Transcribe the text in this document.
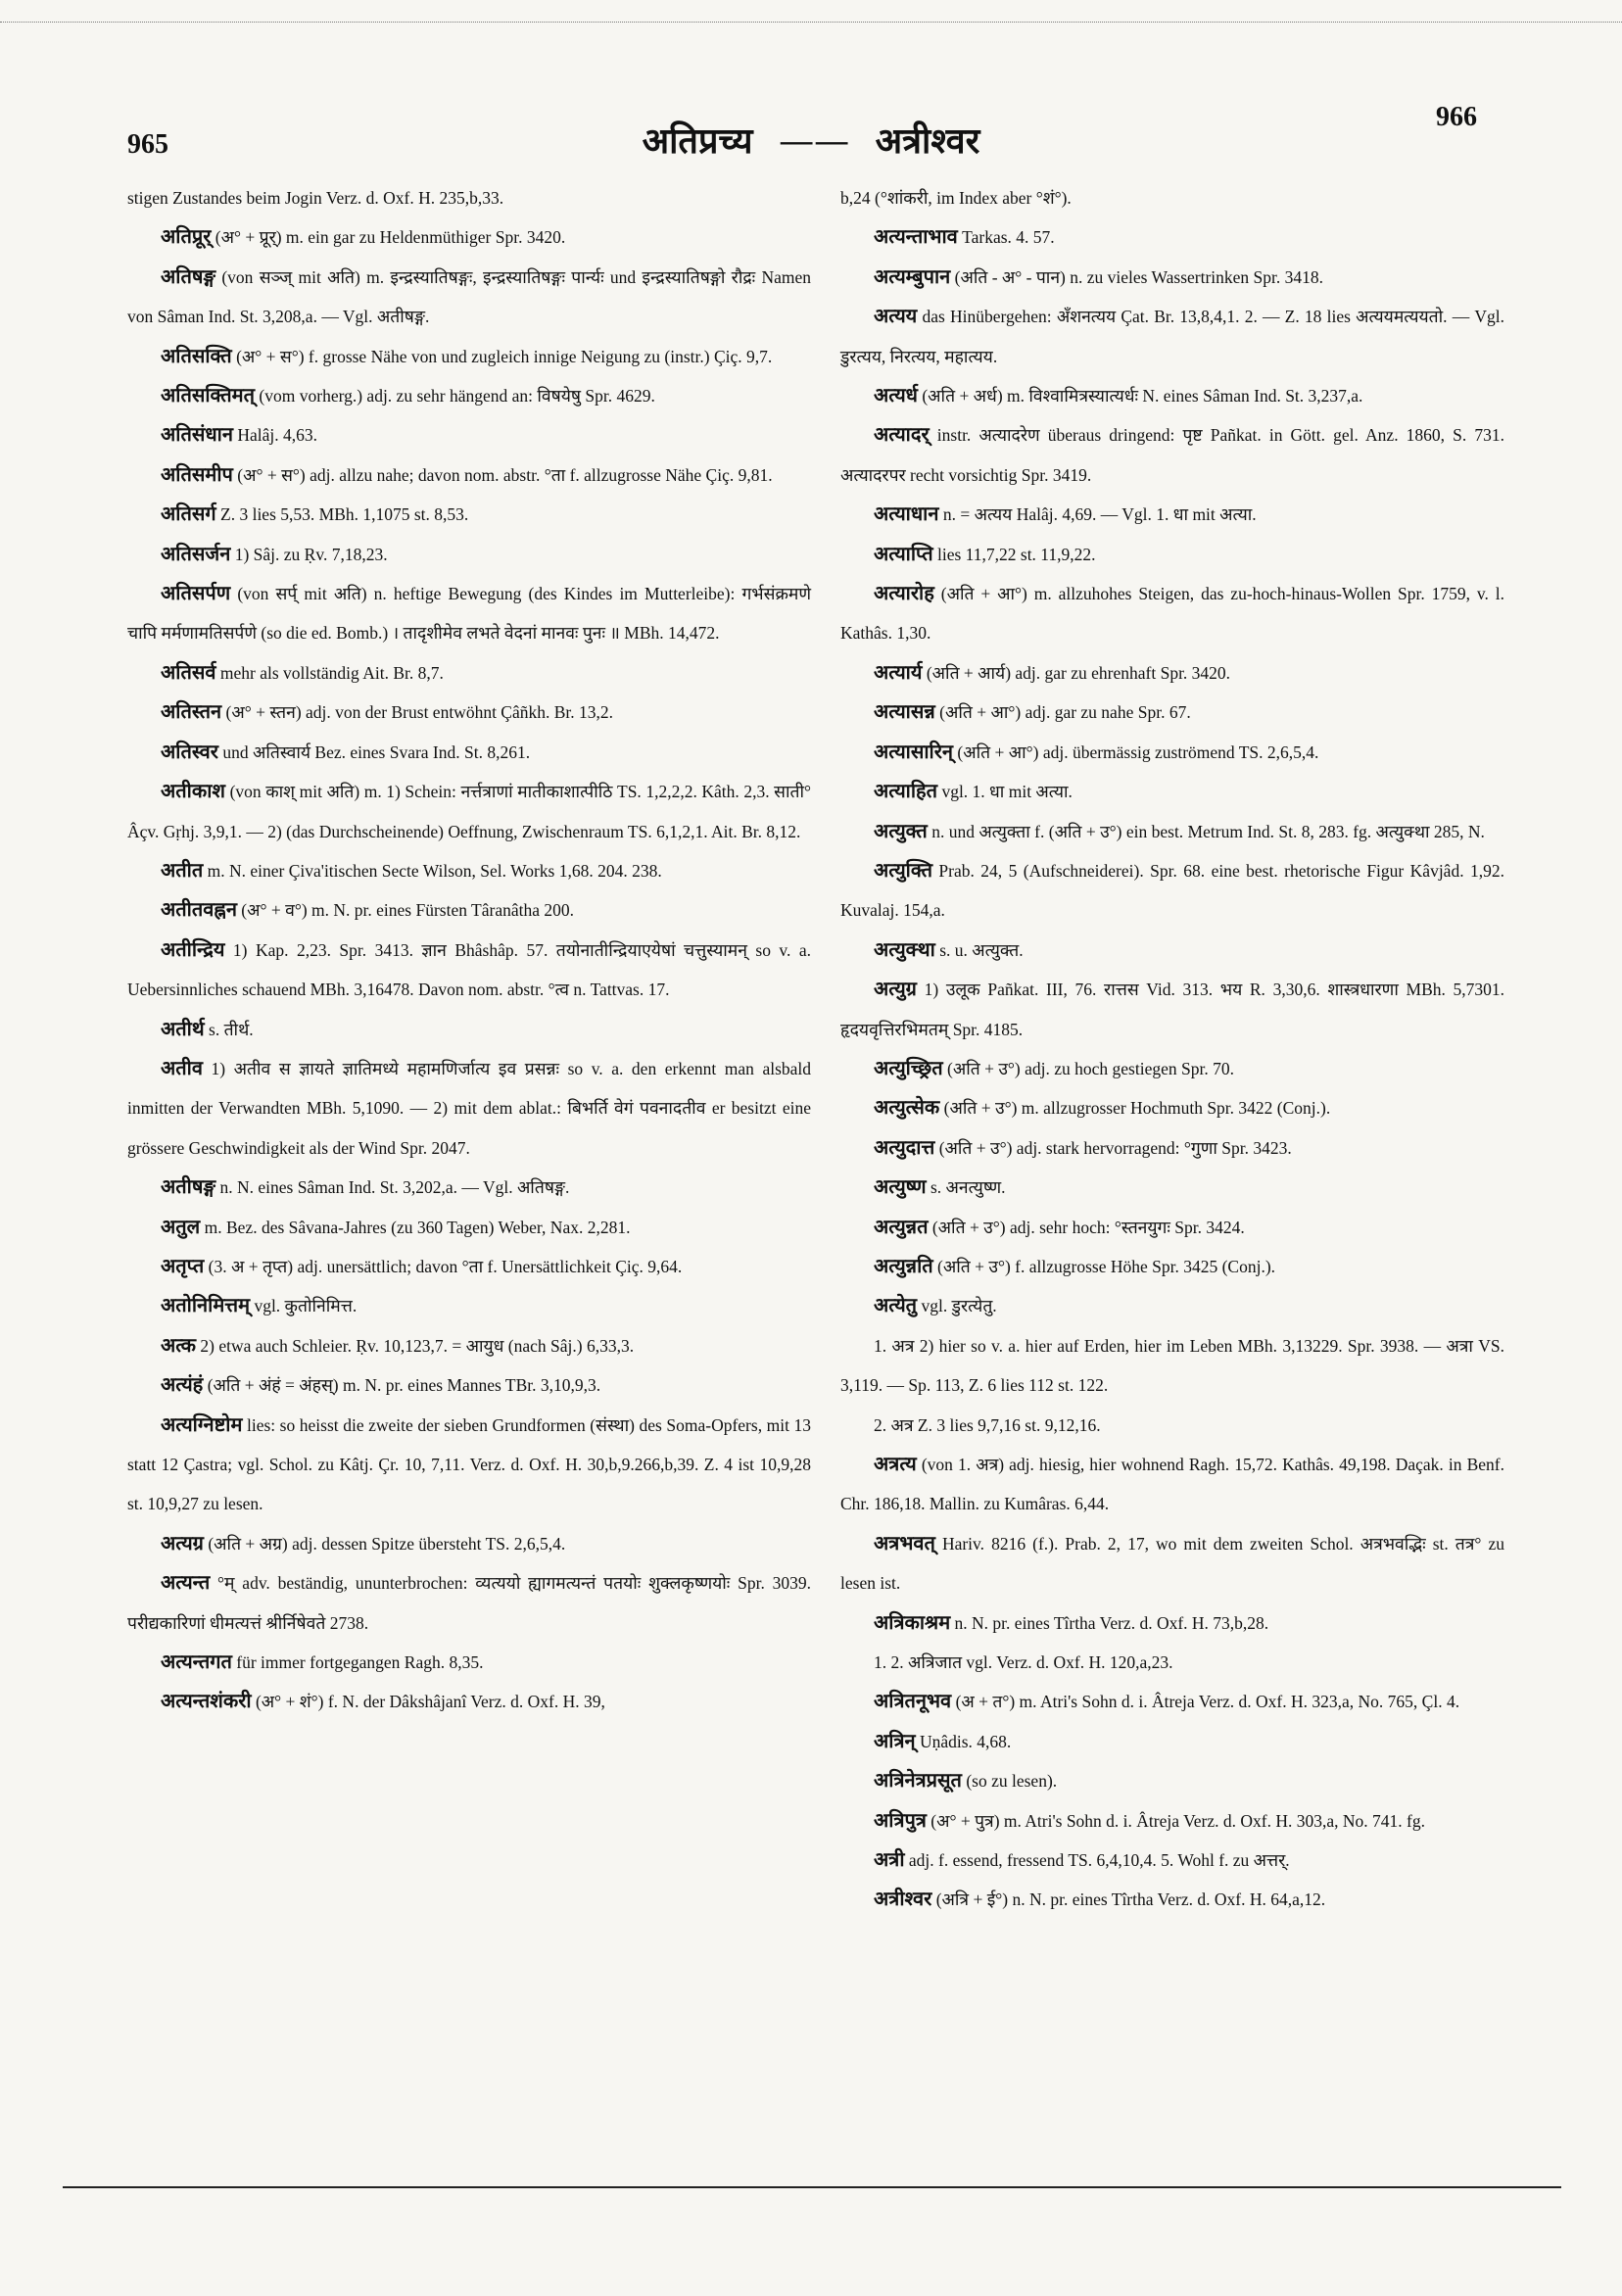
965	अतिप्रच्य —— अत्रीश्वर
966
stigen Zustandes beim Jogin Verz. d. Oxf. H. 235,b,33.
अतिप्रूर् (अ° + प्रूर्) m. ein gar zu Heldenmüthiger Spr. 3420.
अतिषङ्ग (von सञ्ज् mit अति) m. इन्द्रस्यातिषङ्गः, इन्द्रस्यातिषङ्गः पार्न्यः und इन्द्रस्यातिषङ्गो रौद्रः Namen von Sâman Ind. St. 3,208,a. — Vgl. अतीषङ्ग.
अतिसक्ति (अ° + स°) f. grosse Nähe von und zugleich innige Neigung zu (instr.) Çiç. 9,7.
अतिसक्तिमत् (vom vorherg.) adj. zu sehr hängend an: विषयेषु Spr. 4629.
अतिसंधान Halâj. 4,63.
अतिसमीप (अ° + स°) adj. allzu nahe; davon nom. abstr. °ता f. allzugrosse Nähe Çiç. 9,81.
अतिसर्ग Z. 3 lies 5,53. MBh. 1,1075 st. 8,53.
अतिसर्जन 1) Sâj. zu Ṛv. 7,18,23.
अतिसर्पण (von सर्प् mit अति) n. heftige Bewegung (des Kindes im Mutterleibe): गर्भसंक्रमणे चापि मर्मणामतिसर्पणे (so die ed. Bomb.) । तादृशीमेव लभते वेदनां मानवः पुनः ॥ MBh. 14,472.
अतिसर्व mehr als vollständig Ait. Br. 8,7.
अतिस्तन (अ° + स्तन) adj. von der Brust entwöhnt Çâñkh. Br. 13,2.
अतिस्वर und अतिस्वार्य Bez. eines Svara Ind. St. 8,261.
अतीकाश (von काश् mit अति) m. 1) Schein: नर्त्तत्राणां मातीकाशात्पीठि TS. 1,2,2,2. Kâth. 2,3. साती° Âçv. Gṛhj. 3,9,1. — 2) (das Durchscheinende) Oeffnung, Zwischenraum TS. 6,1,2,1. Ait. Br. 8,12.
अतीत m. N. einer Çiva'itischen Secte Wilson, Sel. Works 1,68. 204. 238.
अतीतवह्नन (अ° + व°) m. N. pr. eines Fürsten Târanâtha 200.
अतीन्द्रिय 1) Kap. 2,23. Spr. 3413. ज्ञान Bhâshâp. 57. तयोनातीन्द्रियाएयेषां चत्तुस्यामन् so v. a. Uebersinnliches schauend MBh. 3,16478. Davon nom. abstr. °त्व n. Tattvas. 17.
अतीर्थ s. तीर्थ.
अतीव 1) अतीव स ज्ञायते ज्ञातिमध्ये महामणिर्जात्य इव प्रसन्नः so v. a. den erkennt man alsbald inmitten der Verwandten MBh. 5,1090. — 2) mit dem ablat.: बिभर्ति वेगं पवनादतीव er besitzt eine grössere Geschwindigkeit als der Wind Spr. 2047.
अतीषङ्ग n. N. eines Sâman Ind. St. 3,202,a. — Vgl. अतिषङ्ग.
अतुल m. Bez. des Sâvana-Jahres (zu 360 Tagen) Weber, Nax. 2,281.
अतृप्त (3. अ + तृप्त) adj. unersättlich; davon °ता f. Unersättlichkeit Çiç. 9,64.
अतोनिमित्तम् vgl. कुतोनिमित्त.
अत्क 2) etwa auch Schleier. Ṛv. 10,123,7. = आयुध (nach Sâj.) 6,33,3.
अत्यंहं (अति + अंहं = अंहस्) m. N. pr. eines Mannes TBr. 3,10,9,3.
अत्यग्निष्टोम lies: so heisst die zweite der sieben Grundformen (संस्था) des Soma-Opfers, mit 13 statt 12 Çastra; vgl. Schol. zu Kâtj. Çr. 10, 7,11. Verz. d. Oxf. H. 30,b,9.266,b,39. Z. 4 ist 10,9,28 st. 10,9,27 zu lesen.
अत्यग्र (अति + अग्र) adj. dessen Spitze übersteht TS. 2,6,5,4.
अत्यन्त °म् adv. beständig, ununterbrochen: व्यत्ययो ह्यागमत्यन्तं पतयोः शुक्लकृष्णयोः Spr. 3039. परीद्यकारिणां धीमत्यत्तं श्रीर्निषेवते 2738.
अत्यन्तगत für immer fortgegangen Ragh. 8,35.
अत्यन्तशंकरी (अ° + शं°) f. N. der Dâkshâjanî Verz. d. Oxf. H. 39,
b,24 (°शांकरी, im Index aber °शं°).
अत्यन्ताभाव Tarkas. 4. 57.
अत्यम्बुपान (अति - अ° - पान) n. zu vieles Wassertrinken Spr. 3418.
अत्यय das Hinübergehen: अँशनत्यय Çat. Br. 13,8,4,1. 2. — Z. 18 lies अत्ययमत्ययतो. — Vgl. डुरत्यय, निरत्यय, महात्यय.
अत्यर्ध (अति + अर्ध) m. विश्वामित्रस्यात्यर्धः N. eines Sâman Ind. St. 3,237,a.
अत्यादर् instr. अत्यादरेण überaus dringend: पृष्ट Pañkat. in Gött. gel. Anz. 1860, S. 731. अत्यादरपर recht vorsichtig Spr. 3419.
अत्याधान n. = अत्यय Halâj. 4,69. — Vgl. 1. धा mit अत्या.
अत्याप्ति lies 11,7,22 st. 11,9,22.
अत्यारोह (अति + आ°) m. allzuhohes Steigen, das zu-hoch-hinaus-Wollen Spr. 1759, v. l. Kathâs. 1,30.
अत्यार्य (अति + आर्य) adj. gar zu ehrenhaft Spr. 3420.
अत्यासन्न (अति + आ°) adj. gar zu nahe Spr. 67.
अत्यासारिन् (अति + आ°) adj. übermässig zuströmend TS. 2,6,5,4.
अत्याहित vgl. 1. धा mit अत्या.
अत्युक्त n. und अत्युक्ता f. (अति + उ°) ein best. Metrum Ind. St. 8, 283. fg. अत्युक्था 285, N.
अत्युक्ति Prab. 24, 5 (Aufschneiderei). Spr. 68. eine best. rhetorische Figur Kâvjâd. 1,92. Kuvalaj. 154,a.
अत्युक्था s. u. अत्युक्त.
अत्युग्र 1) उलूक Pañkat. III, 76. रात्तस Vid. 313. भय R. 3,30,6. शास्त्रधारणा MBh. 5,7301. हृदयवृत्तिरभिमतम् Spr. 4185.
अत्युच्छ्रित (अति + उ°) adj. zu hoch gestiegen Spr. 70.
अत्युत्सेक (अति + उ°) m. allzugrosser Hochmuth Spr. 3422 (Conj.).
अत्युदात्त (अति + उ°) adj. stark hervorragend: °गुणा Spr. 3423.
अत्युष्ण s. अनत्युष्ण.
अत्युन्नत (अति + उ°) adj. sehr hoch: °स्तनयुगः Spr. 3424.
अत्युन्नति (अति + उ°) f. allzugrosse Höhe Spr. 3425 (Conj.).
अत्येतु vgl. डुरत्येतु.
1. अत्र 2) hier so v. a. hier auf Erden, hier im Leben MBh. 3,13229. Spr. 3938. — अत्रा VS. 3,119. — Sp. 113, Z. 6 lies 112 st. 122.
2. अत्र Z. 3 lies 9,7,16 st. 9,12,16.
अत्रत्य (von 1. अत्र) adj. hiesig, hier wohnend Ragh. 15,72. Kathâs. 49,198. Daçak. in Benf. Chr. 186,18. Mallin. zu Kumâras. 6,44.
अत्रभवत् Hariv. 8216 (f.). Prab. 2, 17, wo mit dem zweiten Schol. अत्रभवद्भिः st. तत्र° zu lesen ist.
अत्रिकाश्रम n. N. pr. eines Tîrtha Verz. d. Oxf. H. 73,b,28.
1. 2. अत्रिजात vgl. Verz. d. Oxf. H. 120,a,23.
अत्रितनूभव (अ + त°) m. Atri's Sohn d. i. Âtreja Verz. d. Oxf. H. 323,a, No. 765, Çl. 4.
अत्रिन् Uṇâdis. 4,68.
अत्रिनेत्रप्रसूत (so zu lesen).
अत्रिपुत्र (अ° + पुत्र) m. Atri's Sohn d. i. Âtreja Verz. d. Oxf. H. 303,a, No. 741. fg.
अत्री adj. f. essend, fressend TS. 6,4,10,4. 5. Wohl f. zu अत्तर्.
अत्रीश्वर (अत्रि + ई°) n. N. pr. eines Tîrtha Verz. d. Oxf. H. 64,a,12.
